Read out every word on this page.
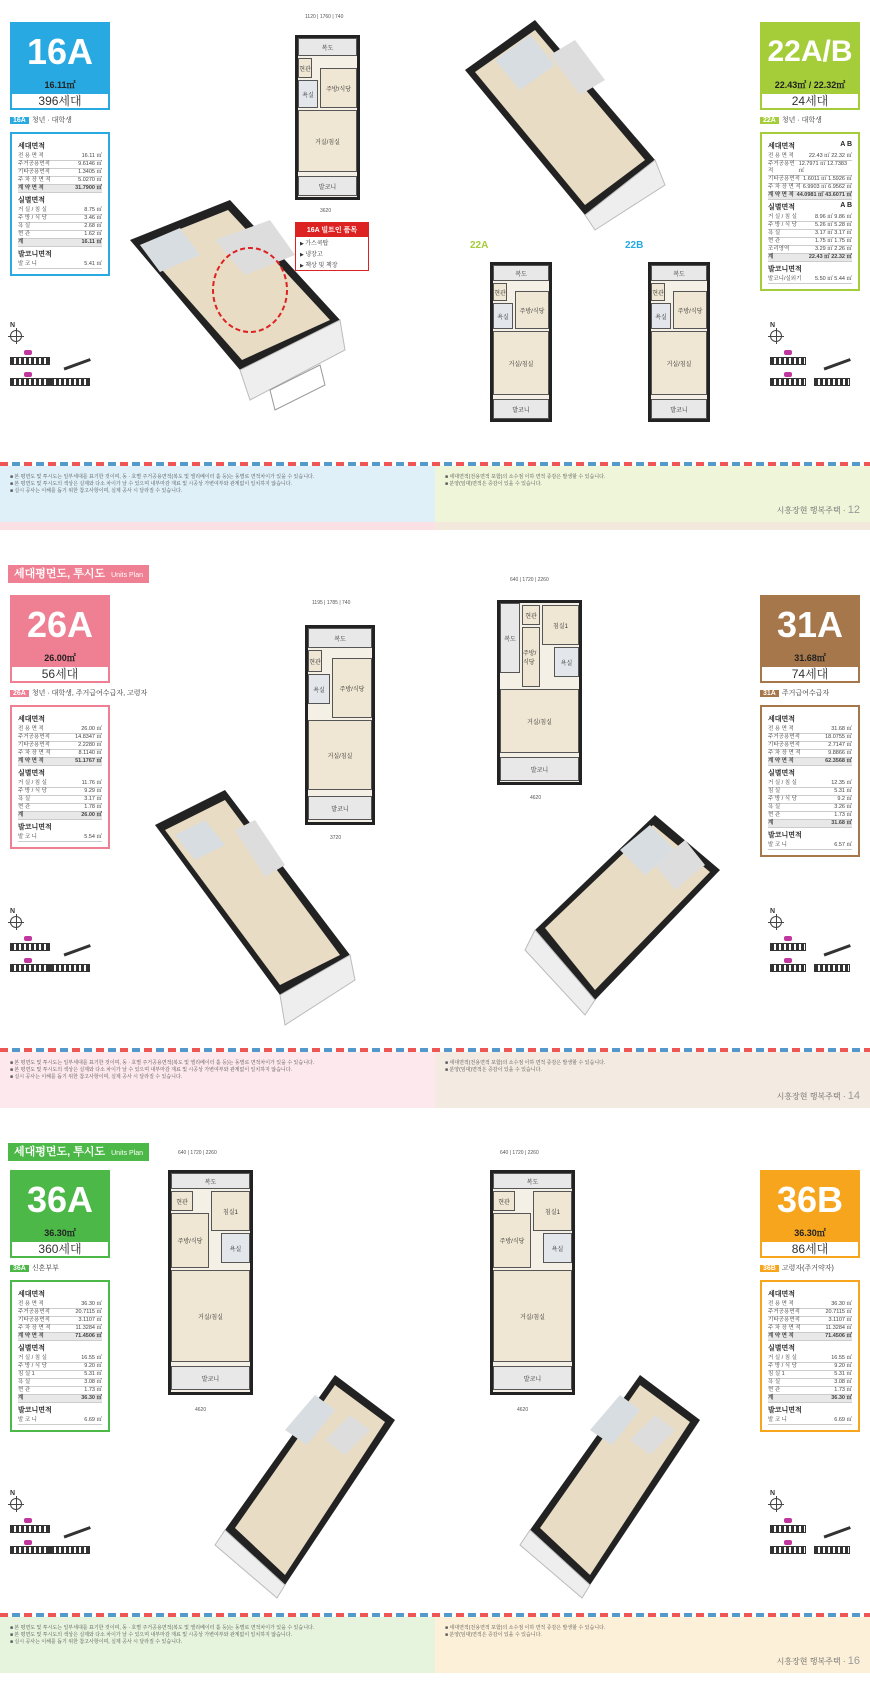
16A
16.11㎡
396세대
16A 청년 · 대학생
세대면적
전 용 면 적	16.11 ㎡
주거공용면적	9.6146 ㎡
기타공용면적	1.3405 ㎡
주 차 장 면 적	5.0270 ㎡
계 약 면 적	31.7900 ㎡
실별면적
거 실 / 침 실	8.75 ㎡
주 방 / 식 당	3.46 ㎡
욕 실	2.68 ㎡
현 관	1.62 ㎡
계	16.11 ㎡
발코니면적
발 코 니	5.41 ㎡
N
복도
현관
욕실
주방/식당
거실/침실
발코니
1120 | 1760 | 740
3620
16A 빌트인 품목
▶ 가스쿡탑
▶ 냉장고
▶ 책상 및 책장
22A
복도
현관
욕실
주방/식당
거실/침실
발코니
22B
복도
현관
욕실
주방/식당
거실/침실
발코니
22A/B
22.43㎡ / 22.32㎡
24세대
22A 청년 · 대학생
세대면적	A B
전 용 면 적	22.43 ㎡ 22.32 ㎡
주거공용면적
12.7971 ㎡ 12.7383 ㎡
기타공용면적 1.6011 ㎡ 1.5926 ㎡
주 차 장 면 적 6.9903 ㎡ 6.9562 ㎡
계 약 면 적 44.0981 ㎡ 43.6071 ㎡
실별면적	A B
거 실 / 침 실	8.96 ㎡ 9.86 ㎡
주 방 / 식 당	5.26 ㎡ 5.28 ㎡
욕 실	3.17 ㎡ 3.17 ㎡
현 관	1.75 ㎡ 1.75 ㎡
조리영역	3.29 ㎡ 2.26 ㎡
계	22.43 ㎡ 22.32 ㎡
발코니면적
발코니/실외기 5.50 ㎡ 5.44 ㎡
N

■ 본 평면도 및 투시도는 일부세대를 표기한 것이며, 동 · 호별 주거공용면적(복도 및 엘리베이터 홀 등)는 동별로 면적차이가 있을 수 있습니다.

■ 본 평면도 및 투시도의 색상은 실제와 다소 차이가 날 수 있으며 내부마감 재료 및 시공상 가변여부와 관계없이 일치하지 않습니다.

■ 실시 공사는 이해를 돕기 위한 참고사항이며, 실제 공사 시 달라질 수 있습니다.

■ 세대면적(전용면적 포함)의 소수점 이하 면적 증감은 발생할 수 있습니다.

■ 분양(임대)면적은 증감이 있을 수 있습니다.

시흥장현 행복주택 · 12
세대평면도, 투시도 Units Plan
26A
26.00㎡
56세대
26A 청년 · 대학생, 주거급여수급자, 고령자
세대면적
전 용 면 적	26.00 ㎡
주거공용면적	14.8347 ㎡
기타공용면적	2.2280 ㎡
주 차 장 면 적	8.1140 ㎡
계 약 면 적	51.1767 ㎡
실별면적
거 실 / 침 실	11.76 ㎡
주 방 / 식 당	9.29 ㎡
욕 실	3.17 ㎡
현 관	1.78 ㎡
계	26.00 ㎡
발코니면적
발 코 니	5.54 ㎡
N
복도
현관
욕실	주방/식당
거실/침실
발코니
1195 | 1785 | 740
3720
복도
현관
침실1
주방/식당	욕실
거실/침실
발코니
640 | 1720 | 2260
4620
31A
31.68㎡
74세대
31A 주거급여수급자
세대면적
전 용 면 적	31.68 ㎡
주거공용면적	18.0755 ㎡
기타공용면적	2.7147 ㎡
주 차 장 면 적	9.8866 ㎡
계 약 면 적	62.3568 ㎡
실별면적
거 실 / 침 실	12.35 ㎡
침 실	5.31 ㎡
주 방 / 식 당	9.2 ㎡
욕 실	3.26 ㎡
현 관	1.73 ㎡
계	31.68 ㎡
발코니면적
발 코 니	6.57 ㎡
N

■ 본 평면도 및 투시도는 일부세대를 표기한 것이며, 동 · 호별 주거공용면적(복도 및 엘리베이터 홀 등)는 동별로 면적차이가 있을 수 있습니다.

■ 본 평면도 및 투시도의 색상은 실제와 다소 차이가 날 수 있으며 내부마감 재료 및 시공상 가변여부와 관계없이 일치하지 않습니다.

■ 실시 공사는 이해를 돕기 위한 참고사항이며, 실제 공사 시 달라질 수 있습니다.

■ 세대면적(전용면적 포함)의 소수점 이하 면적 증감은 발생할 수 있습니다.

■ 분양(임대)면적은 증감이 있을 수 있습니다.

시흥장현 행복주택 · 14
세대평면도, 투시도 Units Plan
36A
36.30㎡
360세대
36A 신혼부부
세대면적
전 용 면 적	36.30 ㎡
주거공용면적	20.7115 ㎡
기타공용면적	3.1107 ㎡
주 차 장 면 적	11.3284 ㎡
계 약 면 적	71.4506 ㎡
실별면적
거 실 / 침 실	16.55 ㎡
주 방 / 식 당	9.20 ㎡
침 실 1	5.31 ㎡
욕 실	3.08 ㎡
현 관	1.73 ㎡
계	36.30 ㎡
발코니면적
발 코 니	6.69 ㎡
N
복도
현관
침실1
주방/식당
욕실
거실/침실
발코니
640 | 1720 | 2260
4620
복도
현관
침실1
주방/식당
욕실
거실/침실
발코니
640 | 1720 | 2260
4620
36B
36.30㎡
86세대
36B 고령자(주거약자)
세대면적
전 용 면 적	36.30 ㎡
주거공용면적	20.7115 ㎡
기타공용면적	3.1107 ㎡
주 차 장 면 적	11.3284 ㎡
계 약 면 적	71.4506 ㎡
실별면적
거 실 / 침 실	16.55 ㎡
주 방 / 식 당	9.20 ㎡
침 실 1	5.31 ㎡
욕 실	3.08 ㎡
현 관	1.73 ㎡
계	36.30 ㎡
발코니면적
발 코 니	6.69 ㎡
N

■ 본 평면도 및 투시도는 일부세대를 표기한 것이며, 동 · 호별 주거공용면적(복도 및 엘리베이터 홀 등)는 동별로 면적차이가 있을 수 있습니다.

■ 본 평면도 및 투시도의 색상은 실제와 다소 차이가 날 수 있으며 내부마감 재료 및 시공상 가변여부와 관계없이 일치하지 않습니다.

■ 실시 공사는 이해를 돕기 위한 참고사항이며, 실제 공사 시 달라질 수 있습니다.

■ 세대면적(전용면적 포함)의 소수점 이하 면적 증감은 발생할 수 있습니다.

■ 분양(임대)면적은 증감이 있을 수 있습니다.

시흥장현 행복주택 · 16
